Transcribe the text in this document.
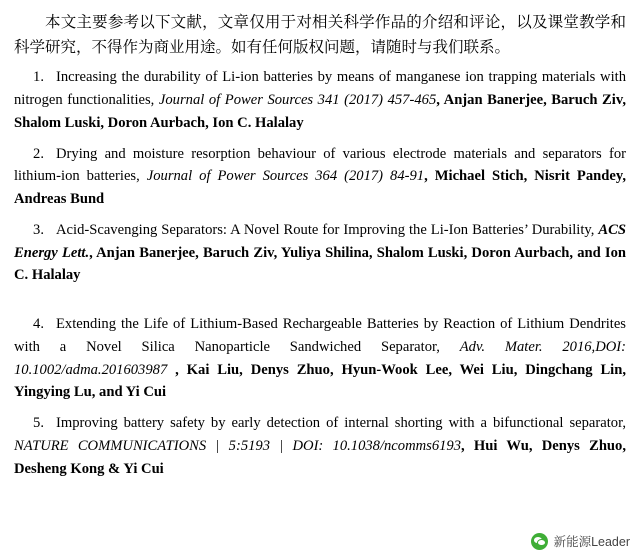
本文主要参考以下文献，文章仅用于对相关科学作品的介绍和评论，以及课堂教学和科学研究，不得作为商业用途。如有任何版权问题，请随时与我们联系。

1. Increasing the durability of Li-ion batteries by means of manganese ion trapping materials with nitrogen functionalities, Journal of Power Sources 341 (2017) 457-465, Anjan Banerjee, Baruch Ziv, Shalom Luski, Doron Aurbach, Ion C. Halalay
2. Drying and moisture resorption behaviour of various electrode materials and separators for lithium-ion batteries, Journal of Power Sources 364 (2017) 84-91, Michael Stich, Nisrit Pandey, Andreas Bund
3. Acid-Scavenging Separators: A Novel Route for Improving the Li-Ion Batteries’ Durability, ACS Energy Lett., Anjan Banerjee, Baruch Ziv, Yuliya Shilina, Shalom Luski, Doron Aurbach, and Ion C. Halalay
4. Extending the Life of Lithium-Based Rechargeable Batteries by Reaction of Lithium Dendrites with a Novel Silica Nanoparticle Sandwiched Separator, Adv. Mater. 2016,DOI: 10.1002/adma.201603987 , Kai Liu, Denys Zhuo, Hyun-Wook Lee, Wei Liu, Dingchang Lin, Yingying Lu, and Yi Cui
5. Improving battery safety by early detection of internal shorting with a bifunctional separator, NATURE COMMUNICATIONS | 5:5193 | DOI: 10.1038/ncomms6193, Hui Wu, Denys Zhuo, Desheng Kong & Yi Cui
新能源Leader
